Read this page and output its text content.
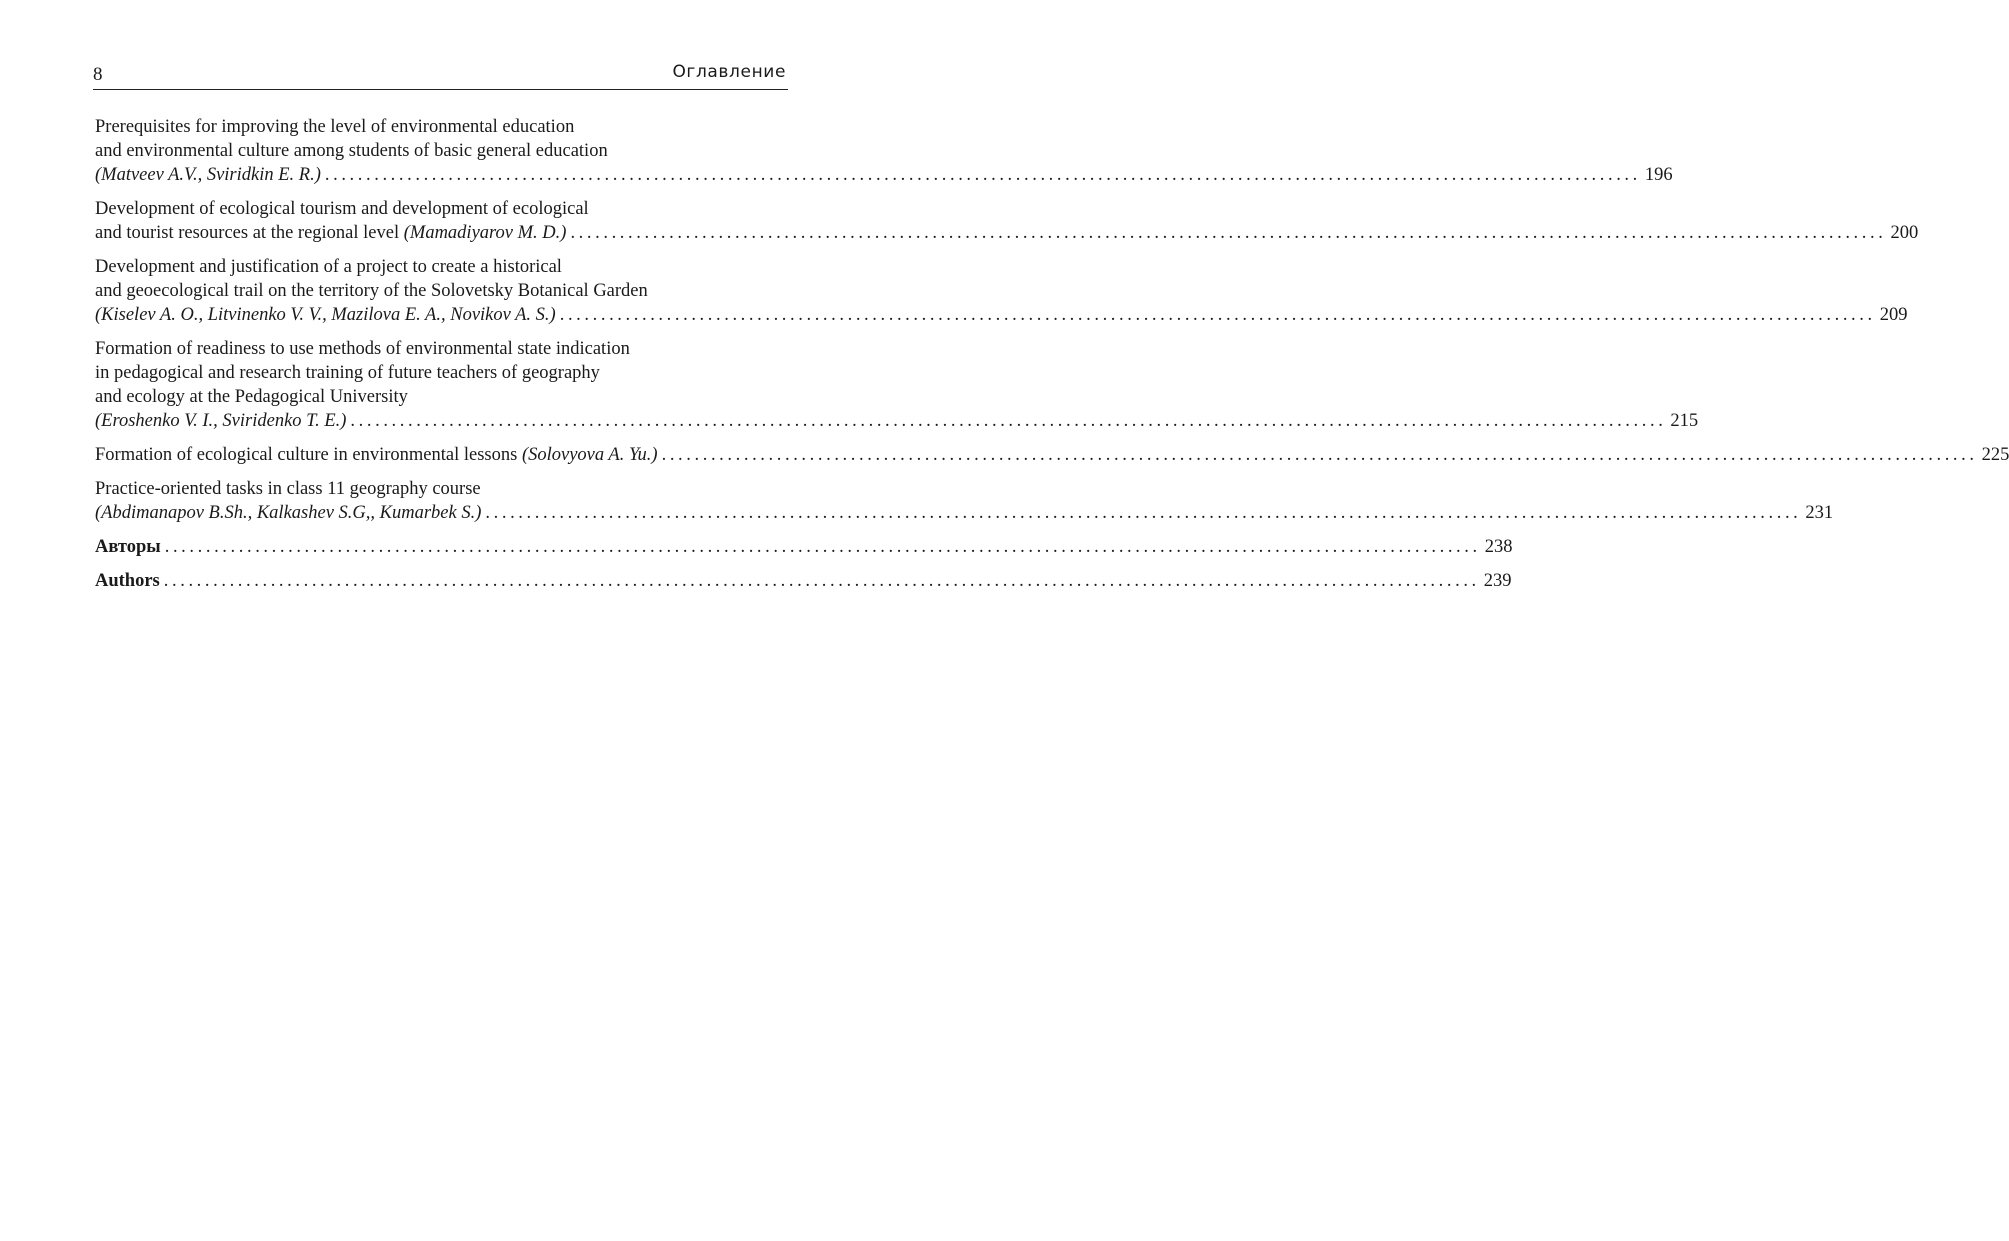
8	Оглавление
Prerequisites for improving the level of environmental education
and environmental culture among students of basic general education
(Matveev A.V., Sviridkin E. R.) ................................................................................................................................................................ 196
Development of ecological tourism and development of ecological
and tourist resources at the regional level (Mamadiyarov M. D.) ................................................................................................................................................................ 200
Development and justification of a project to create a historical
and geoecological trail on the territory of the Solovetsky Botanical Garden
(Kiselev A. O., Litvinenko V. V., Mazilova E. A., Novikov A. S.) ................................................................................................................................................................ 209
Formation of readiness to use methods of environmental state indication
in pedagogical and research training of future teachers of geography
and ecology at the Pedagogical University
(Eroshenko V. I., Sviridenko T. E.) ................................................................................................................................................................ 215
Formation of ecological culture in environmental lessons (Solovyova A. Yu.) ................................................................................................................................................................ 225
Practice-oriented tasks in class 11 geography course
(Abdimanapov B.Sh., Kalkashev S.G,, Kumarbek S.) ................................................................................................................................................................ 231
Авторы ................................................................................................................................................................ 238
Authors ................................................................................................................................................................ 239
